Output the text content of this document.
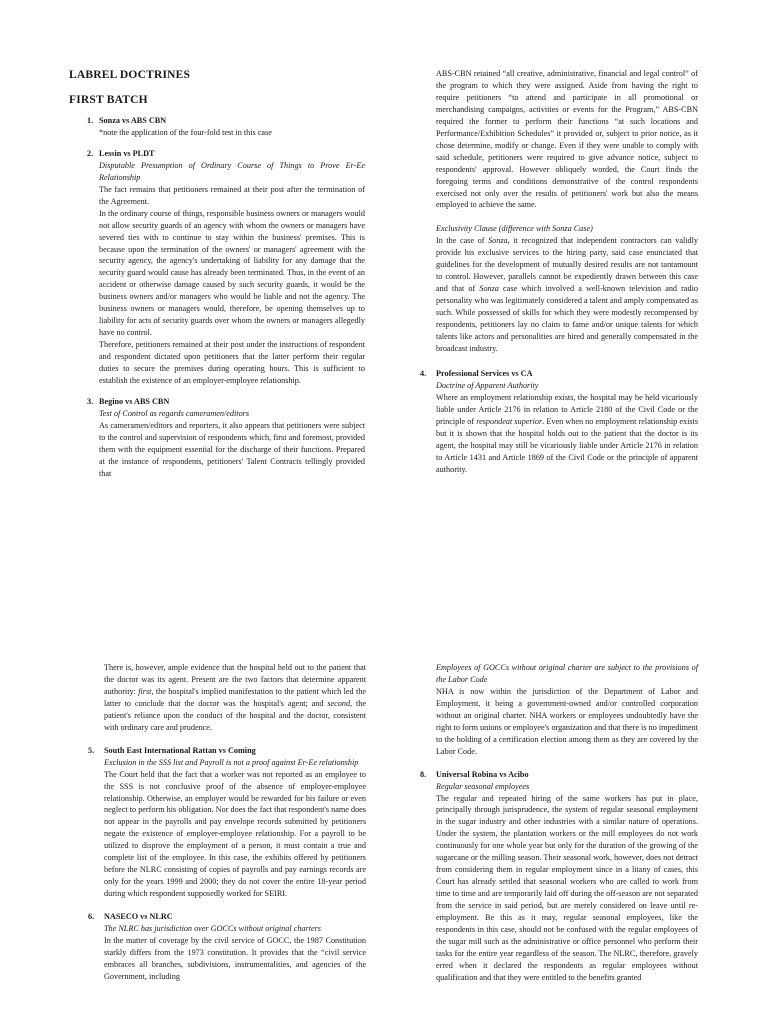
LABREL DOCTRINES
FIRST BATCH
1. Sonza vs ABS CBN

*note the application of the four-fold test in this case

2. Lessin vs PLDT

Disputable Presumption of Ordinary Course of Things to Prove Er-Ee Relationship

The fact remains that petitioners remained at their post after the termination of the Agreement.

In the ordinary course of things, responsible business owners or managers would not allow security guards of an agency with whom the owners or managers have severed ties with to continue to stay within the business' premises. This is because upon the termination of the owners' or managers' agreement with the security agency, the agency's undertaking of liability for any damage that the security guard would cause has already been terminated. Thus, in the event of an accident or otherwise damage caused by such security guards, it would be the business owners and/or managers who would be liable and not the agency. The business owners or managers would, therefore, be opening themselves up to liability for acts of security guards over whom the owners or managers allegedly have no control.

Therefore, petitioners remained at their post under the instructions of respondent and respondent dictated upon petitioners that the latter perform their regular duties to secure the premises during operating hours. This is sufficient to establish the existence of an employer-employee relationship.

3. Begino vs ABS CBN

Test of Control as regards cameramen/editors

As cameramen/editors and reporters, it also appears that petitioners were subject to the control and supervision of respondents which, first and foremost, provided them with the equipment essential for the discharge of their functions. Prepared at the instance of respondents, petitioners' Talent Contracts tellingly provided that

ABS-CBN retained “all creative, administrative, financial and legal control” of the program to which they were assigned. Aside from having the right to require petitioners “to attend and participate in all promotional or merchandising campaigns, activities or events for the Program,” ABS-CBN required the former to perform their functions “at such locations and Performance/Exhibition Schedules” it provided or, subject to prior notice, as it chose determine, modify or change. Even if they were unable to comply with said schedule, petitioners were required to give advance notice, subject to respondents' approval. However obliquely worded, the Court finds the foregoing terms and conditions demonstrative of the control respondents exercised not only over the results of petitioners' work but also the means employed to achieve the same.

Exclusivity Clause (difference with Sonza Case)

In the case of Sonza, it recognized that independent contractors can validly provide his exclusive services to the hiring party, said case enunciated that guidelines for the development of mutually desired results are not tantamount to control. However, parallels cannot be expediently drawn between this case and that of Sonza case which involved a well-known television and radio personality who was legitimately considered a talent and amply compensated as such. While possessed of skills for which they were modestly recompensed by respondents, petitioners lay no claim to fame and/or unique talents for which talents like actors and personalities are hired and generally compensated in the broadcast industry.

4. Professional Services vs CA

Doctrine of Apparent Authority

Where an employment relationship exists, the hospital may be held vicariously liable under Article 2176 in relation to Article 2180 of the Civil Code or the principle of respondeat superior. Even when no employment relationship exists but it is shown that the hospital holds out to the patient that the doctor is its agent, the hospital may still be vicariously liable under Article 2176 in relation to Article 1431 and Article 1869 of the Civil Code or the principle of apparent authority.

There is, however, ample evidence that the hospital held out to the patient that the doctor was its agent. Present are the two factors that determine apparent authority: first, the hospital's implied manifestation to the patient which led the latter to conclude that the doctor was the hospital's agent; and second, the patient's reliance upon the conduct of the hospital and the doctor, consistent with ordinary care and prudence.

5. South East International Rattan vs Coming

Exclusion in the SSS list and Payroll is not a proof against Er-Ee relationship

The Court held that the fact that a worker was not reported as an employee to the SSS is not conclusive proof of the absence of employer-employee relationship. Otherwise, an employer would be rewarded for his failure or even neglect to perform his obligation. Nor does the fact that respondent's name does not appear in the payrolls and pay envelope records submitted by petitioners negate the existence of employer-employee relationship. For a payroll to be utilized to disprove the employment of a person, it must contain a true and complete list of the employee. In this case, the exhibits offered by petitioners before the NLRC consisting of copies of payrolls and pay earnings records are only for the years 1999 and 2000; they do not cover the entire 18-year period during which respondent supposedly worked for SEIRI.

6. NASECO vs NLRC

The NLRC has jurisdiction over GOCCs without original charters

In the matter of coverage by the civil service of GOCC, the 1987 Constitution starkly differs from the 1973 constitution. It provides that the “civil service embraces all branches, subdivisions, instrumentalities, and agencies of the Government, including

Employees of GOCCs without original charter are subject to the provisions of the Labor Code

NHA is now within the jurisdiction of the Department of Labor and Employment, it being a government-owned and/or controlled corporation without an original charter. NHA workers or employees undoubtedly have the right to form unions or employee's organization and that there is no impediment to the holding of a certification election among them as they are covered by the Labor Code.

8. Universal Robina vs Acibo

Regular seasonal employees

The regular and repeated hiring of the same workers has put in place, principally through jurisprudence, the system of regular seasonal employment in the sugar industry and other industries with a similar nature of operations. Under the system, the plantation workers or the mill employees do not work continuously for one whole year but only for the duration of the growing of the sugarcane or the milling season. Their seasonal work, however, does not detract from considering them in regular employment since in a litany of cases, this Court has already settled that seasonal workers who are called to work from time to time and are temporarily laid off during the off-season are not separated from the service in said period, but are merely considered on leave until re-employment. Be this as it may, regular seasonal employees, like the respondents in this case, should not be confused with the regular employees of the sugar mill such as the administrative or office personnel who perform their tasks for the entire year regardless of the season. The NLRC, therefore, gravely erred when it declared the respondents as regular employees without qualification and that they were entitled to the benefits granted
